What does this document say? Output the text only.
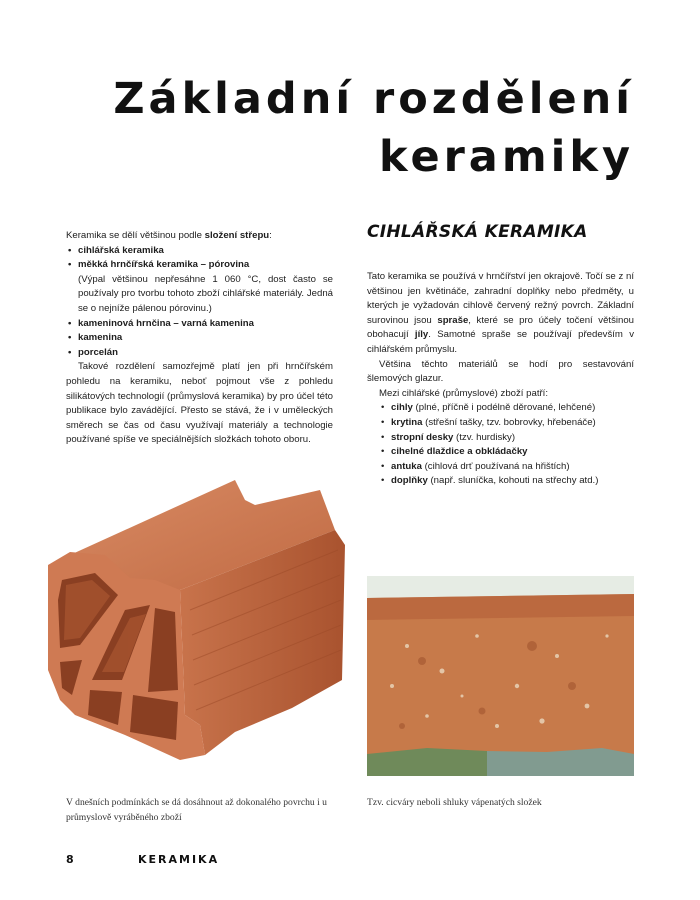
Základní rozdělení
keramiky

Keramika se dělí většinou podle složení střepu:

• cihlářská keramika
• měkká hrnčířská keramika – pórovina

(Výpal většinou nepřesáhne 1 060 °C, dost často se používaly pro tvorbu tohoto zboží cihlářské materiály. Jedná se o nejníže pálenou pórovinu.)

• kameninová hrnčina – varná kamenina
• kamenina
• porcelán

Takové rozdělení samozřejmě platí jen při hrnčířském pohledu na keramiku, neboť pojmout vše z pohledu silikátových technologií (průmyslová keramika) by pro účel této publikace bylo zavádějící. Přesto se stává, že i v uměleckých směrech se čas od času využívají materiály a technologie používané spíše ve speciálnějších složkách tohoto oboru.

CIHLÁŘSKÁ KERAMIKA

Tato keramika se používá v hrnčířství jen okrajově. Točí se z ní většinou jen květináče, zahradní doplňky nebo předměty, u kterých je vyžadován cihlově červený režný povrch. Základní surovinou jsou spraše, které se pro účely točení většinou obohacují jíly. Samotné spraše se používají především v cihlářském průmyslu.

Většina těchto materiálů se hodí pro sestavování šlemových glazur.

Mezi cihlářské (průmyslové) zboží patří:

• cihly (plné, příčně i podélně děrované, lehčené)
• krytina (střešní tašky, tzv. bobrovky, hřebenáče)
• stropní desky (tzv. hurdisky)
• cihelné dlaždice a obkládačky
• antuka (cihlová drť používaná na hřištích)
• doplňky (např. sluníčka, kohouti na střechy atd.)

V dnešních podmínkách se dá dosáhnout až dokonalého povrchu i u průmyslově vyráběného zboží

Tzv. cicváry neboli shluky vápenatých složek

8	KERAMIKA
